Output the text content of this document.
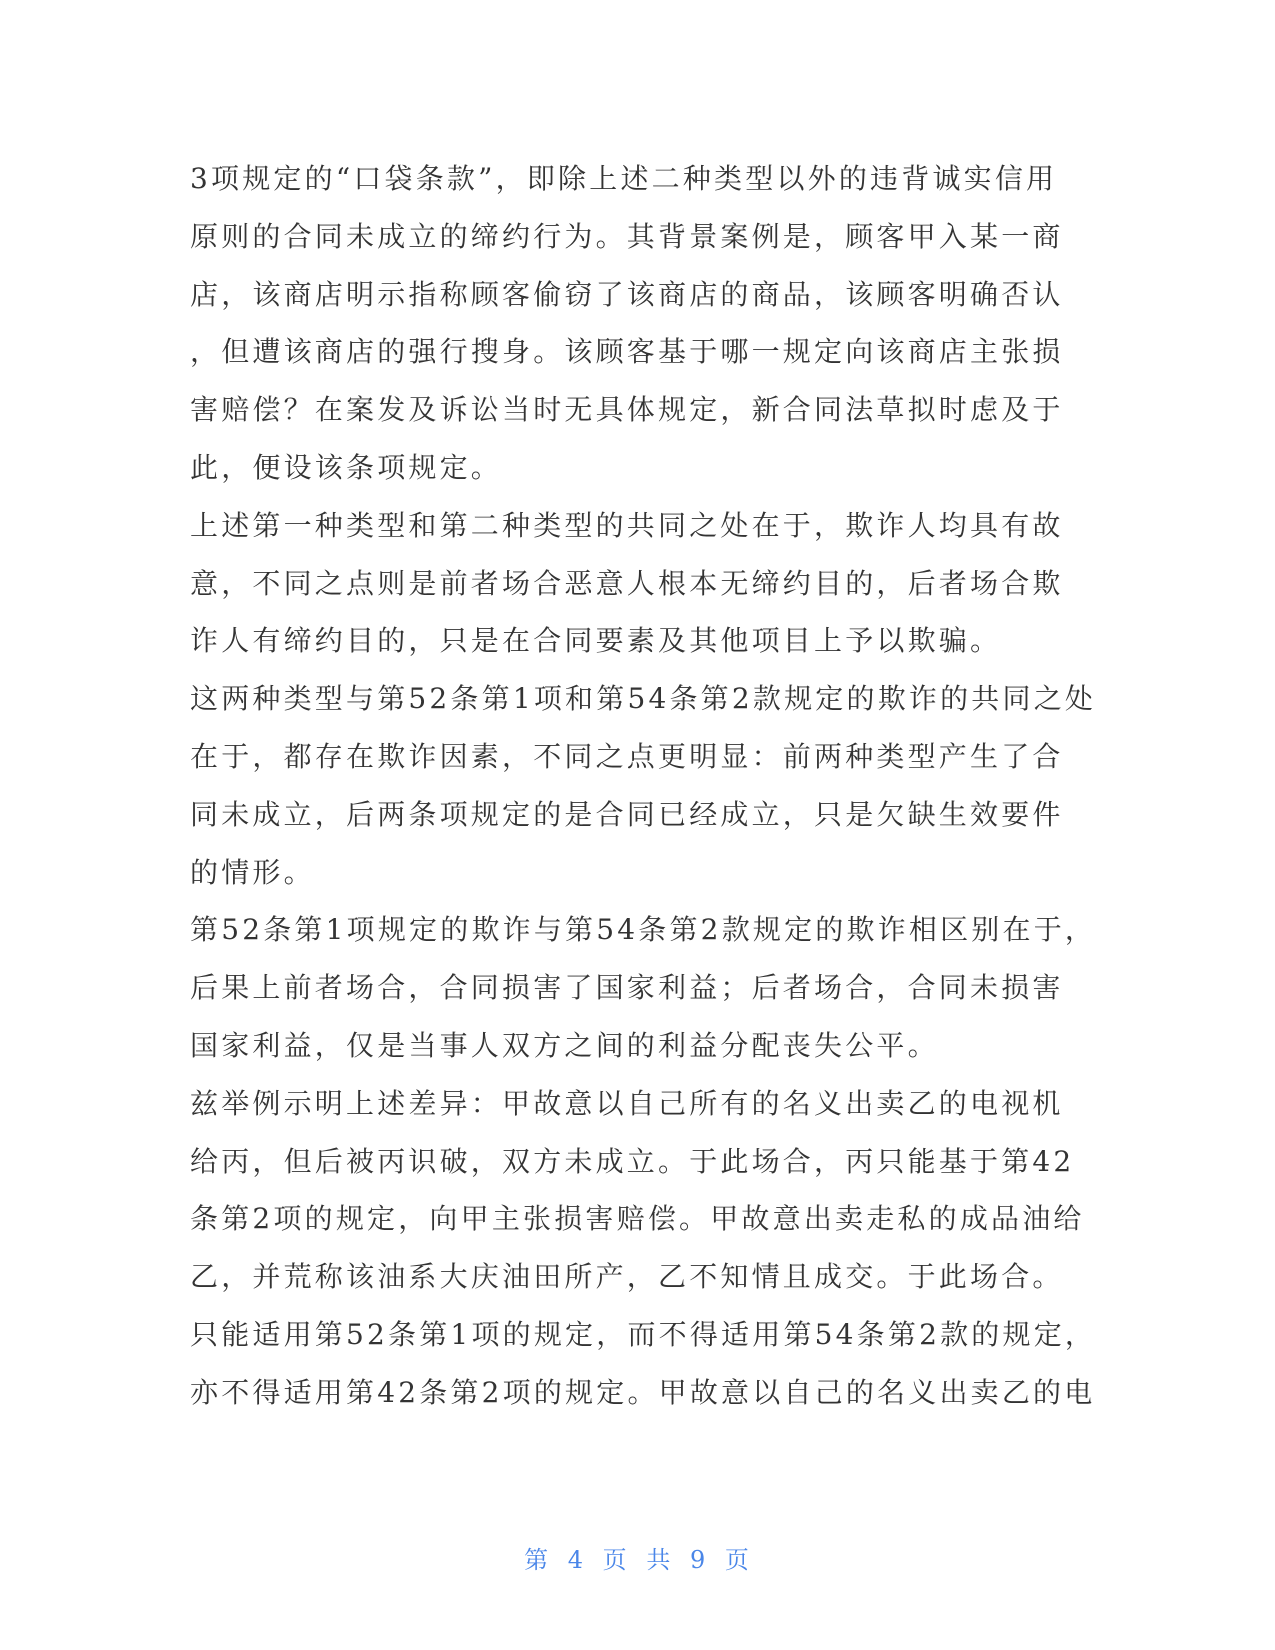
3项规定的“口袋条款”，即除上述二种类型以外的违背诚实信用
原则的合同未成立的缔约行为。其背景案例是，顾客甲入某一商
店，该商店明示指称顾客偷窃了该商店的商品，该顾客明确否认
，但遭该商店的强行搜身。该顾客基于哪一规定向该商店主张损
害赔偿？在案发及诉讼当时无具体规定，新合同法草拟时虑及于
此，便设该条项规定。
上述第一种类型和第二种类型的共同之处在于，欺诈人均具有故
意，不同之点则是前者场合恶意人根本无缔约目的，后者场合欺
诈人有缔约目的，只是在合同要素及其他项目上予以欺骗。
这两种类型与第52条第1项和第54条第2款规定的欺诈的共同之处
在于，都存在欺诈因素，不同之点更明显：前两种类型产生了合
同未成立，后两条项规定的是合同已经成立，只是欠缺生效要件
的情形。
第52条第1项规定的欺诈与第54条第2款规定的欺诈相区别在于，
后果上前者场合，合同损害了国家利益；后者场合，合同未损害
国家利益，仅是当事人双方之间的利益分配丧失公平。
兹举例示明上述差异：甲故意以自己所有的名义出卖乙的电视机
给丙，但后被丙识破，双方未成立。于此场合，丙只能基于第42
条第2项的规定，向甲主张损害赔偿。甲故意出卖走私的成品油给
乙，并荒称该油系大庆油田所产，乙不知情且成交。于此场合。
只能适用第52条第1项的规定，而不得适用第54条第2款的规定，
亦不得适用第42条第2项的规定。甲故意以自己的名义出卖乙的电
第 4 页 共 9 页
